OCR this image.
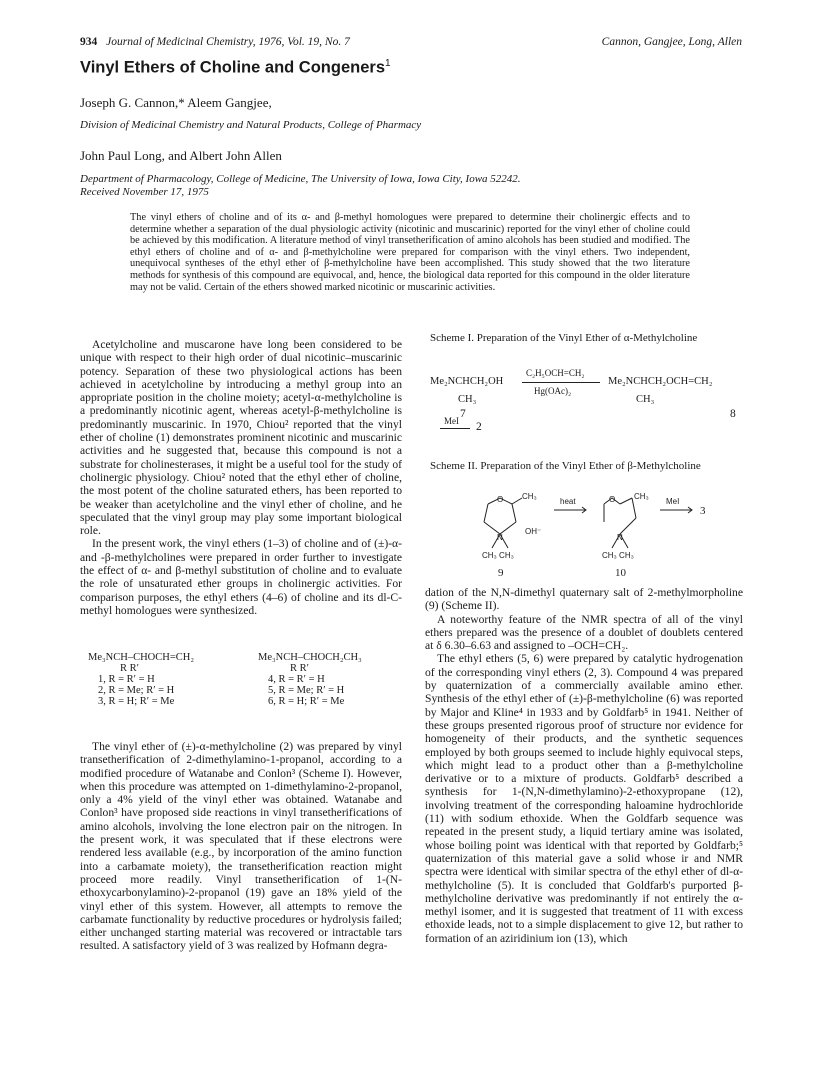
934 Journal of Medicinal Chemistry, 1976, Vol. 19, No. 7	Cannon, Gangjee, Long, Allen
Vinyl Ethers of Choline and Congeners$^1$
Joseph G. Cannon,* Aleem Gangjee,
Division of Medicinal Chemistry and Natural Products, College of Pharmacy
John Paul Long, and Albert John Allen
Department of Pharmacology, College of Medicine, The University of Iowa, Iowa City, Iowa 52242.
Received November 17, 1975
The vinyl ethers of choline and of its α- and β-methyl homologues were prepared to determine their cholinergic effects and to determine whether a separation of the dual physiologic activity (nicotinic and muscarinic) reported for the vinyl ether of choline could be achieved by this modification. A literature method of vinyl transetherification of amino alcohols has been studied and modified. The ethyl ethers of choline and of α- and β-methylcholine were prepared for comparison with the vinyl ethers. Two independent, unequivocal syntheses of the ethyl ether of β-methylcholine have been accomplished. This study showed that the two literature methods for synthesis of this compound are equivocal, and, hence, the biological data reported for this compound in the older literature may not be valid. Certain of the ethers showed marked nicotinic or muscarinic activities.

Acetylcholine and muscarone have long been considered to be unique with respect to their high order of dual nicotinic–muscarinic potency. Separation of these two physiological actions has been achieved in acetylcholine by introducing a methyl group into an appropriate position in the choline moiety; acetyl-α-methylcholine is a predominantly nicotinic agent, whereas acetyl-β-methylcholine is predominantly muscarinic. In 1970, Chiou² reported that the vinyl ether of choline (1) demonstrates prominent nicotinic and muscarinic activities and he suggested that, because this compound is not a substrate for cholinesterases, it might be a useful tool for the study of cholinergic physiology. Chiou² noted that the ethyl ether of choline, the most potent of the choline saturated ethers, has been reported to be weaker than acetylcholine and the vinyl ether of choline, and he speculated that the vinyl group may play some important biological role.

In the present work, the vinyl ethers (1–3) of choline and of (±)-α- and -β-methylcholines were prepared in order further to investigate the effect of α- and β-methyl substitution of choline and to evaluate the role of unsaturated ether groups in cholinergic activities. For comparison purposes, the ethyl ethers (4–6) of choline and its dl-C-methyl homologues were synthesized.

Me₃NCH–CHOCH=CH₂
R R′
1, R = R′ = H
2, R = Me; R′ = H
3, R = H; R′ = Me
Me₃NCH–CHOCH₂CH₃
R R′
4, R = R′ = H
5, R = Me; R′ = H
6, R = H; R′ = Me

The vinyl ether of (±)-α-methylcholine (2) was prepared by vinyl transetherification of 2-dimethylamino-1-propanol, according to a modified procedure of Watanabe and Conlon³ (Scheme I). However, when this procedure was attempted on 1-dimethylamino-2-propanol, only a 4% yield of the vinyl ether was obtained. Watanabe and Conlon³ have proposed side reactions in vinyl transetherifications of amino alcohols, involving the lone electron pair on the nitrogen. In the present work, it was speculated that if these electrons were rendered less available (e.g., by incorporation of the amino function into a carbamate moiety), the transetherification reaction might proceed more readily. Vinyl transetherification of 1-(N-ethoxycarbonylamino)-2-propanol (19) gave an 18% yield of the vinyl ether of this system. However, all attempts to remove the carbamate functionality by reductive procedures or hydrolysis failed; either unchanged starting material was recovered or intractable tars resulted. A satisfactory yield of 3 was realized by Hofmann degra-

Scheme I. Preparation of the Vinyl Ether of α-Methylcholine
Me₂NCHCH₂OH
CH₃
C₂H₅OCH=CH₂
Hg(OAc)₂
Me₂NCHCH₂OCH=CH₂
CH₃
7	8
MeI 2
Scheme II. Preparation of the Vinyl Ether of β-Methylcholine
O CH₃
N
OH⁻
CH₃ CH₃
heat	O CH₃
N
CH₃ CH₃
MeI
3
9	10

dation of the N,N-dimethyl quaternary salt of 2-methylmorpholine (9) (Scheme II).

A noteworthy feature of the NMR spectra of all of the vinyl ethers prepared was the presence of a doublet of doublets centered at δ 6.30–6.63 and assigned to –OCH=CH₂.

The ethyl ethers (5, 6) were prepared by catalytic hydrogenation of the corresponding vinyl ethers (2, 3). Compound 4 was prepared by quaternization of a commercially available amino ether. Synthesis of the ethyl ether of (±)-β-methylcholine (6) was reported by Major and Kline⁴ in 1933 and by Goldfarb⁵ in 1941. Neither of these groups presented rigorous proof of structure nor evidence for homogeneity of their products, and the synthetic sequences employed by both groups seemed to include highly equivocal steps, which might lead to a product other than a β-methylcholine derivative or to a mixture of products. Goldfarb⁵ described a synthesis for 1-(N,N-dimethylamino)-2-ethoxypropane (12), involving treatment of the corresponding haloamine hydrochloride (11) with sodium ethoxide. When the Goldfarb sequence was repeated in the present study, a liquid tertiary amine was isolated, whose boiling point was identical with that reported by Goldfarb;⁵ quaternization of this material gave a solid whose ir and NMR spectra were identical with similar spectra of the ethyl ether of dl-α-methylcholine (5). It is concluded that Goldfarb's purported β-methylcholine derivative was predominantly if not entirely the α-methyl isomer, and it is suggested that treatment of 11 with excess ethoxide leads, not to a simple displacement to give 12, but rather to formation of an aziridinium ion (13), which
